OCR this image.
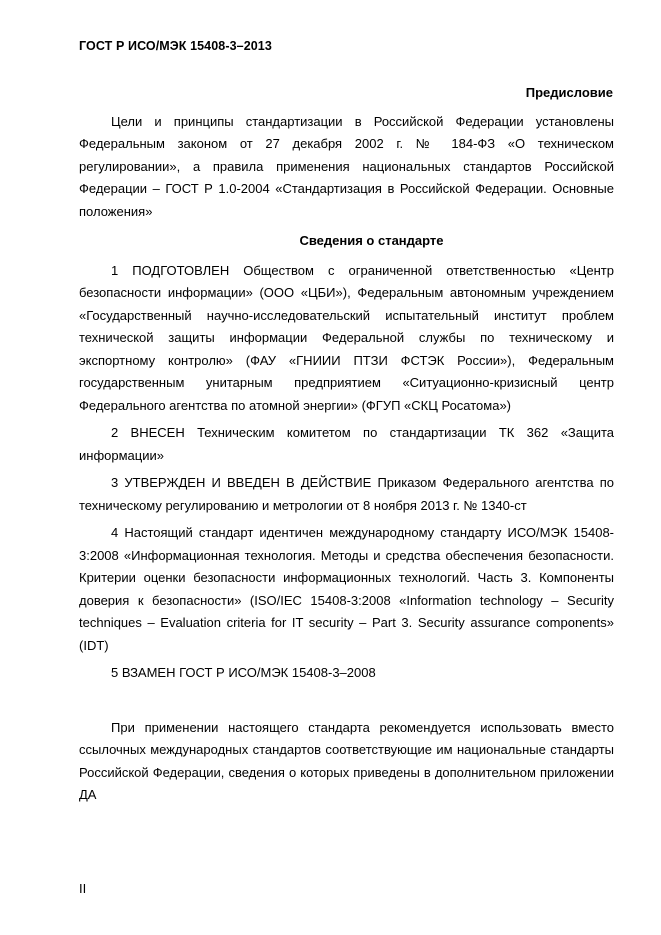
ГОСТ Р ИСО/МЭК 15408-3–2013
Предисловие

Цели и принципы стандартизации в Российской Федерации установлены Федеральным законом от 27 декабря 2002 г. № 184-ФЗ «О техническом регулировании», а правила применения национальных стандартов Российской Федерации – ГОСТ Р 1.0-2004 «Стандартизация в Российской Федерации. Основные положения»

Сведения о стандарте

1 ПОДГОТОВЛЕН Обществом с ограниченной ответственностью «Центр безопасности информации» (ООО «ЦБИ»), Федеральным автономным учреждением «Государственный научно-исследовательский испытательный институт проблем технической защиты информации Федеральной службы по техническому и экспортному контролю» (ФАУ «ГНИИИ ПТЗИ ФСТЭК России»), Федеральным государственным унитарным предприятием «Ситуационно-кризисный центр Федерального агентства по атомной энергии» (ФГУП «СКЦ Росатома»)

2 ВНЕСЕН Техническим комитетом по стандартизации ТК 362 «Защита информации»

3 УТВЕРЖДЕН И ВВЕДЕН В ДЕЙСТВИЕ Приказом Федерального агентства по техническому регулированию и метрологии от 8 ноября 2013 г. № 1340-ст

4 Настоящий стандарт идентичен международному стандарту ИСО/МЭК 15408-3:2008 «Информационная технология. Методы и средства обеспечения безопасности. Критерии оценки безопасности информационных технологий. Часть 3. Компоненты доверия к безопасности» (ISO/IEC 15408-3:2008 «Information technology – Security techniques – Evaluation criteria for IT security – Part 3. Security assurance components» (IDT)

5 ВЗАМЕН ГОСТ Р ИСО/МЭК 15408-3–2008

При применении настоящего стандарта рекомендуется использовать вместо ссылочных международных стандартов соответствующие им национальные стандарты Российской Федерации, сведения о которых приведены в дополнительном приложении ДА

II
